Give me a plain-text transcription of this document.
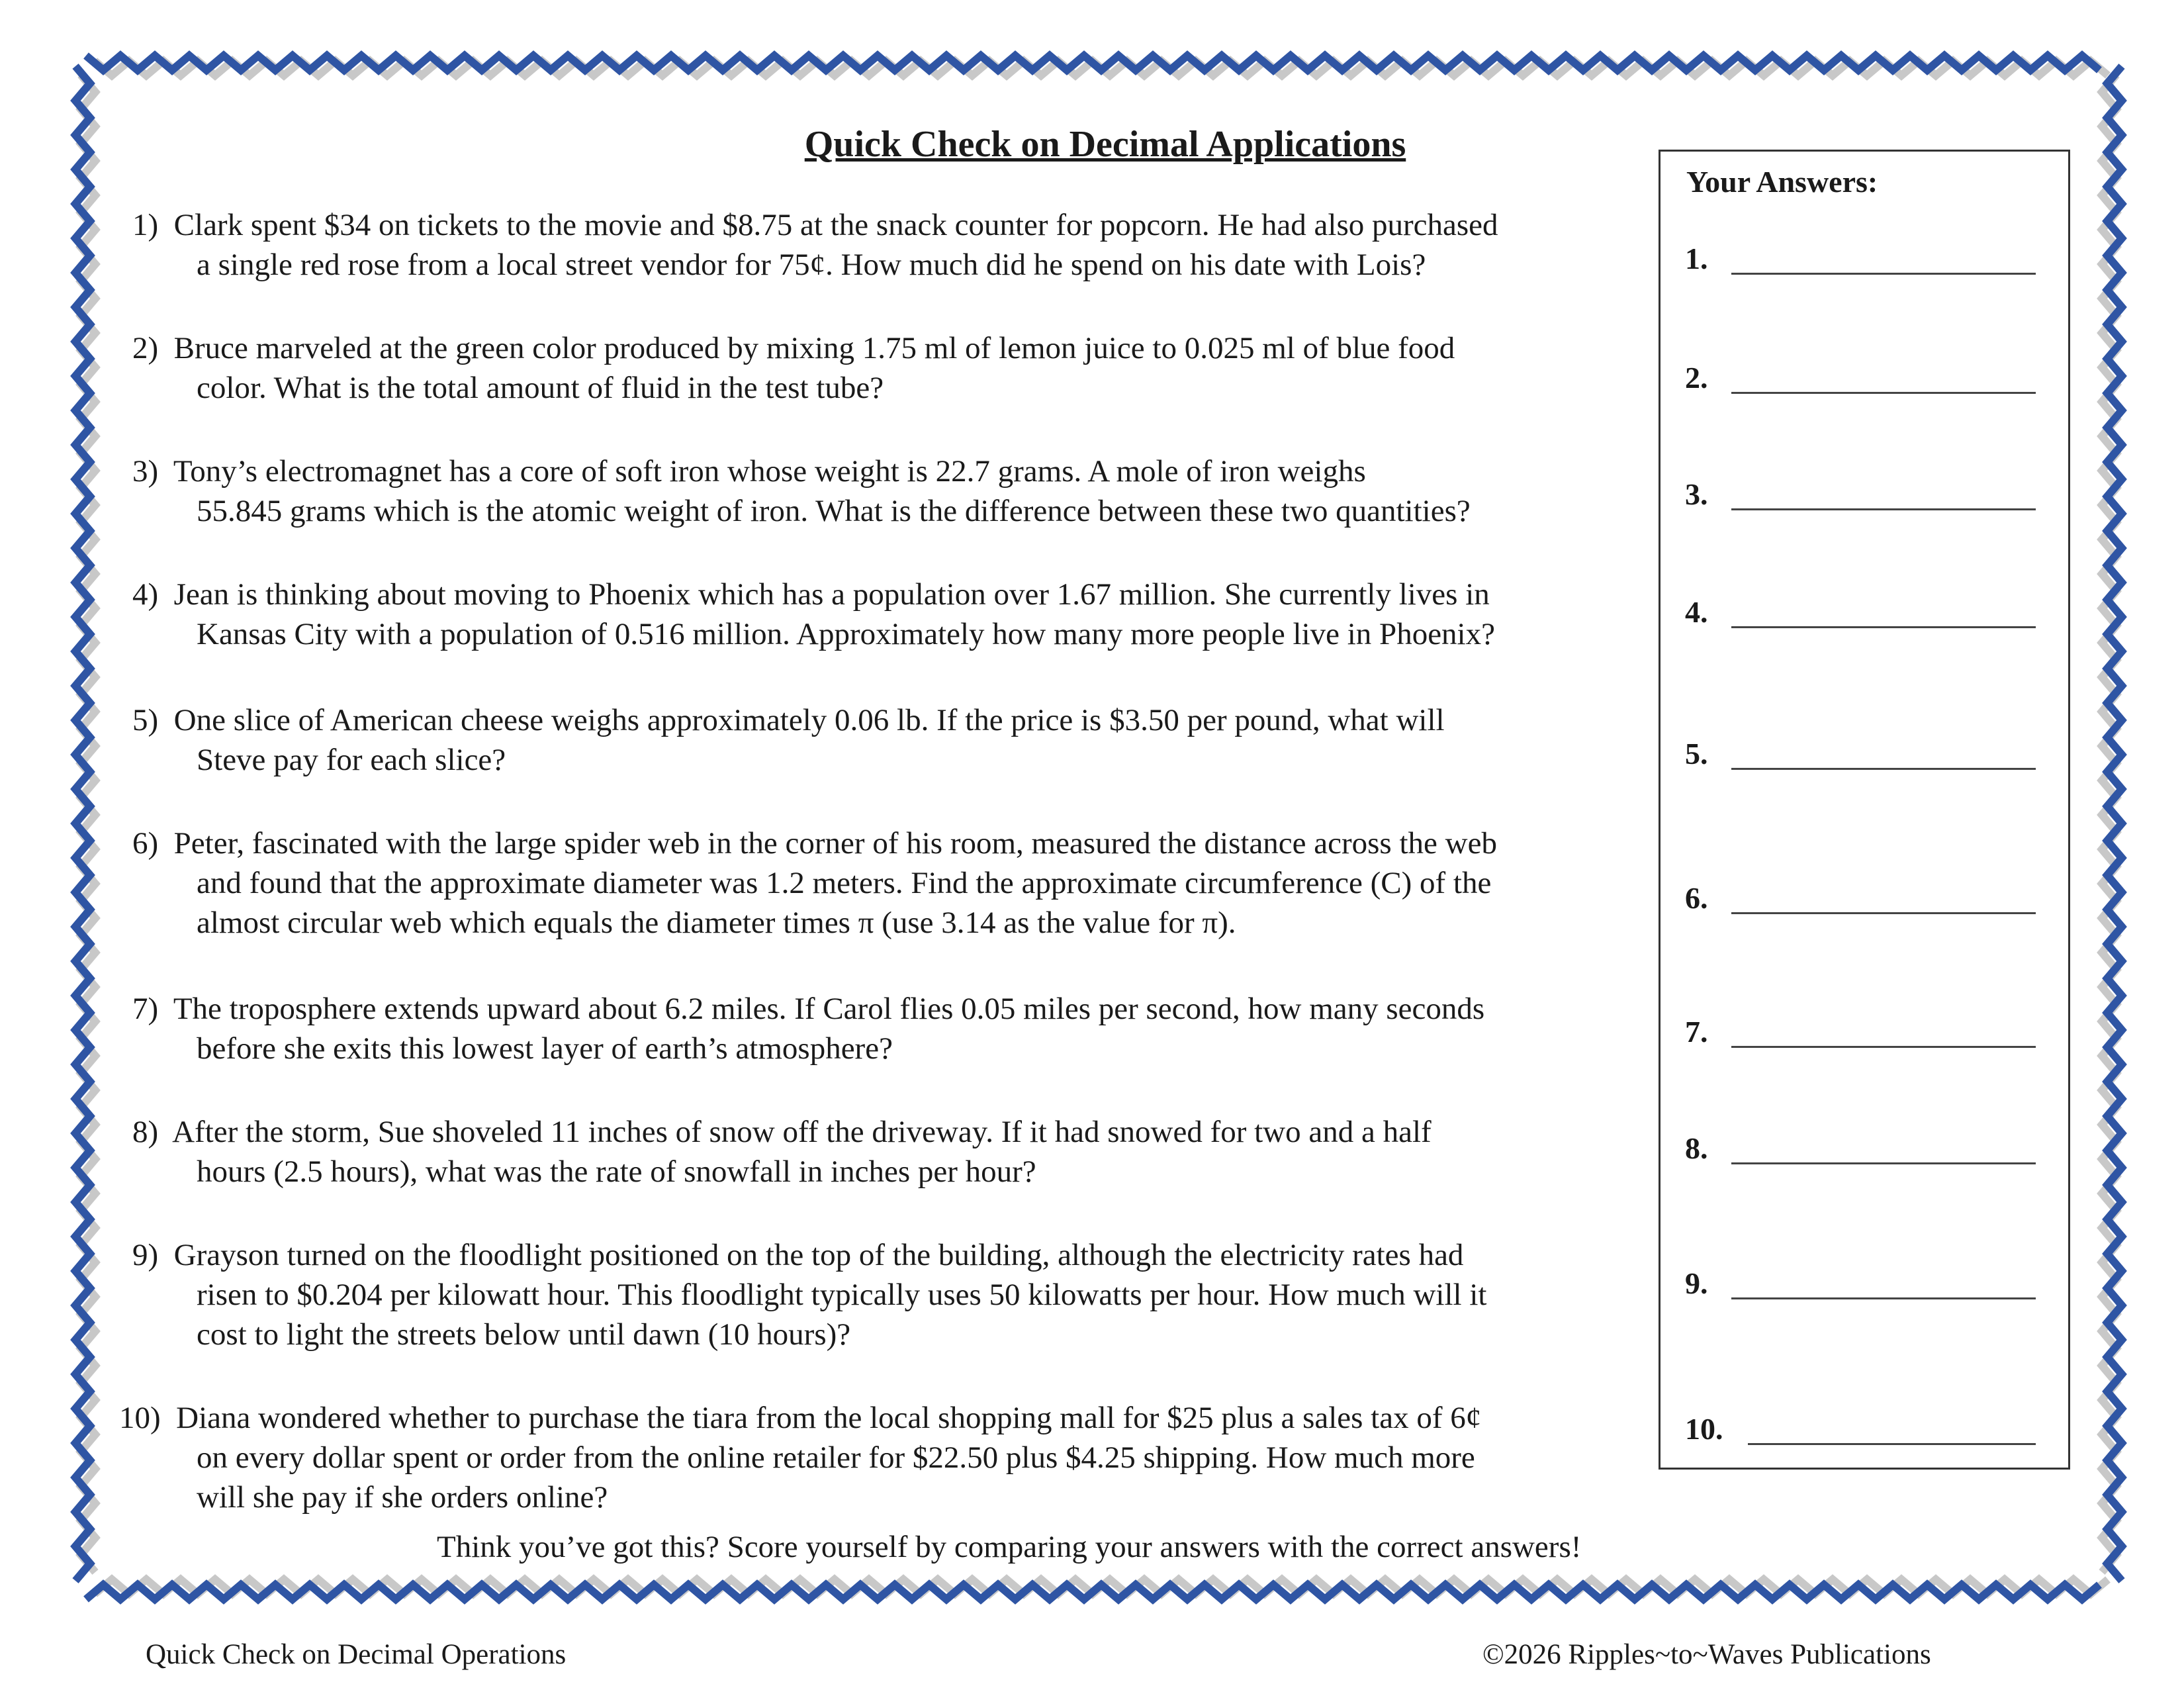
Quick Check on Decimal Applications
1) Clark spent $34 on tickets to the movie and $8.75 at the snack counter for popcorn. He had also purchased
a single red rose from a local street vendor for 75¢. How much did he spend on his date with Lois?
2) Bruce marveled at the green color produced by mixing 1.75 ml of lemon juice to 0.025 ml of blue food
color. What is the total amount of fluid in the test tube?
3) Tony’s electromagnet has a core of soft iron whose weight is 22.7 grams. A mole of iron weighs
55.845 grams which is the atomic weight of iron. What is the difference between these two quantities?
4) Jean is thinking about moving to Phoenix which has a population over 1.67 million. She currently lives in
Kansas City with a population of 0.516 million. Approximately how many more people live in Phoenix?
5) One slice of American cheese weighs approximately 0.06 lb. If the price is $3.50 per pound, what will
Steve pay for each slice?
6) Peter, fascinated with the large spider web in the corner of his room, measured the distance across the web
and found that the approximate diameter was 1.2 meters. Find the approximate circumference (C) of the
almost circular web which equals the diameter times π (use 3.14 as the value for π).
7) The troposphere extends upward about 6.2 miles. If Carol flies 0.05 miles per second, how many seconds
before she exits this lowest layer of earth’s atmosphere?
8) After the storm, Sue shoveled 11 inches of snow off the driveway. If it had snowed for two and a half
hours (2.5 hours), what was the rate of snowfall in inches per hour?
9) Grayson turned on the floodlight positioned on the top of the building, although the electricity rates had
risen to $0.204 per kilowatt hour. This floodlight typically uses 50 kilowatts per hour. How much will it
cost to light the streets below until dawn (10 hours)?
10) Diana wondered whether to purchase the tiara from the local shopping mall for $25 plus a sales tax of 6¢
on every dollar spent or order from the online retailer for $22.50 plus $4.25 shipping. How much more
will she pay if she orders online?
Your Answers:
1.
2.
3.
4.
5.
6.
7.
8.
9.
10.
Think you’ve got this? Score yourself by comparing your answers with the correct answers!
Quick Check on Decimal Operations	©2026 Ripples~to~Waves Publications
